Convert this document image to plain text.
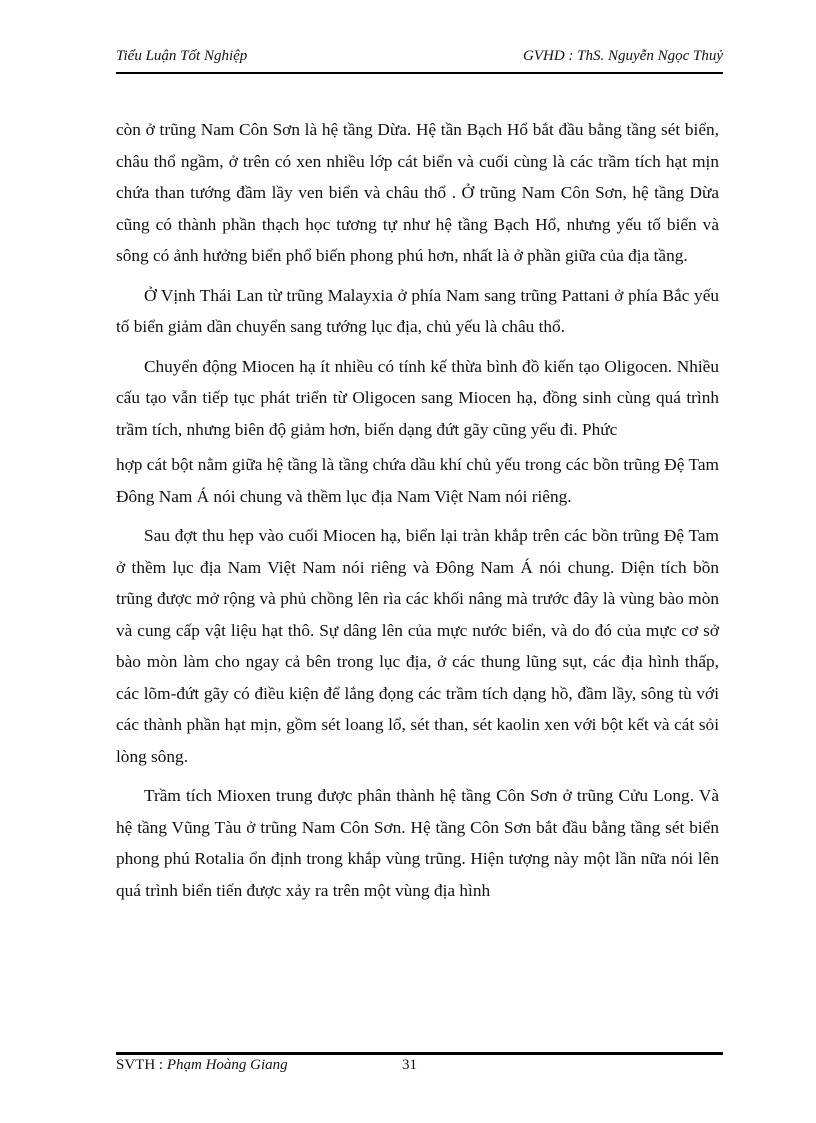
Tiểu Luận Tốt Nghiệp	GVHD : ThS. Nguyễn Ngọc Thuỷ

còn ở trũng Nam Côn Sơn là hệ tầng Dừa. Hệ tần Bạch Hổ bắt đầu bằng tầng sét biển, châu thổ ngầm, ở trên có xen nhiều lớp cát biển và cuối cùng là các trầm tích hạt mịn chứa than tướng đầm lầy ven biển và châu thổ . Ở trũng Nam Côn Sơn, hệ tầng Dừa cũng có thành phần thạch học tương tự như hệ tầng Bạch Hổ, nhưng yếu tố biển và sông có ảnh hưởng biển phổ biến phong phú hơn, nhất là ở phần giữa của địa tầng.

Ở Vịnh Thái Lan từ trũng Malayxia ở phía Nam sang trũng Pattani ở phía Bắc yếu tố biển giảm dần chuyển sang tướng lục địa, chủ yếu là châu thổ.

Chuyển động Miocen hạ ít nhiều có tính kế thừa bình đồ kiến tạo Oligocen. Nhiều cấu tạo vẫn tiếp tục phát triển từ Oligocen sang Miocen hạ, đồng sinh cùng quá trình trầm tích, nhưng biên độ giảm hơn, biến dạng đứt gãy cũng yếu đi. Phức

hợp cát bột nằm giữa hệ tầng là tầng chứa dầu khí chủ yếu trong các bồn trũng Đệ Tam Đông Nam Á nói chung và thềm lục địa Nam Việt Nam nói riêng.

Sau đợt thu hẹp vào cuối Miocen hạ, biển lại tràn khắp trên các bồn trũng Đệ Tam ở thềm lục địa Nam Việt Nam nói riêng và Đông Nam Á nói chung. Diện tích bồn trũng được mở rộng và phủ chồng lên rìa các khối nâng mà trước đây là vùng bào mòn và cung cấp vật liệu hạt thô. Sự dâng lên của mực nước biển, và do đó của mực cơ sở bào mòn làm cho ngay cả bên trong lục địa, ở các thung lũng sụt, các địa hình thấp, các lõm-đứt gãy có điều kiện để lắng đọng các trầm tích dạng hồ, đầm lầy, sông tù với các thành phần hạt mịn, gồm sét loang lổ, sét than, sét kaolin xen với bột kết và cát sỏi lòng sông.

Trầm tích Mioxen trung được phân thành hệ tầng Côn Sơn ở trũng Cửu Long. Và hệ tầng Vũng Tàu ở trũng Nam Côn Sơn. Hệ tầng Côn Sơn bắt đầu bằng tầng sét biển phong phú Rotalia ổn định trong khắp vùng trũng. Hiện tượng này một lần nữa nói lên quá trình biển tiến được xảy ra trên một vùng địa hình

SVTH : Phạm Hoàng Giang	31
